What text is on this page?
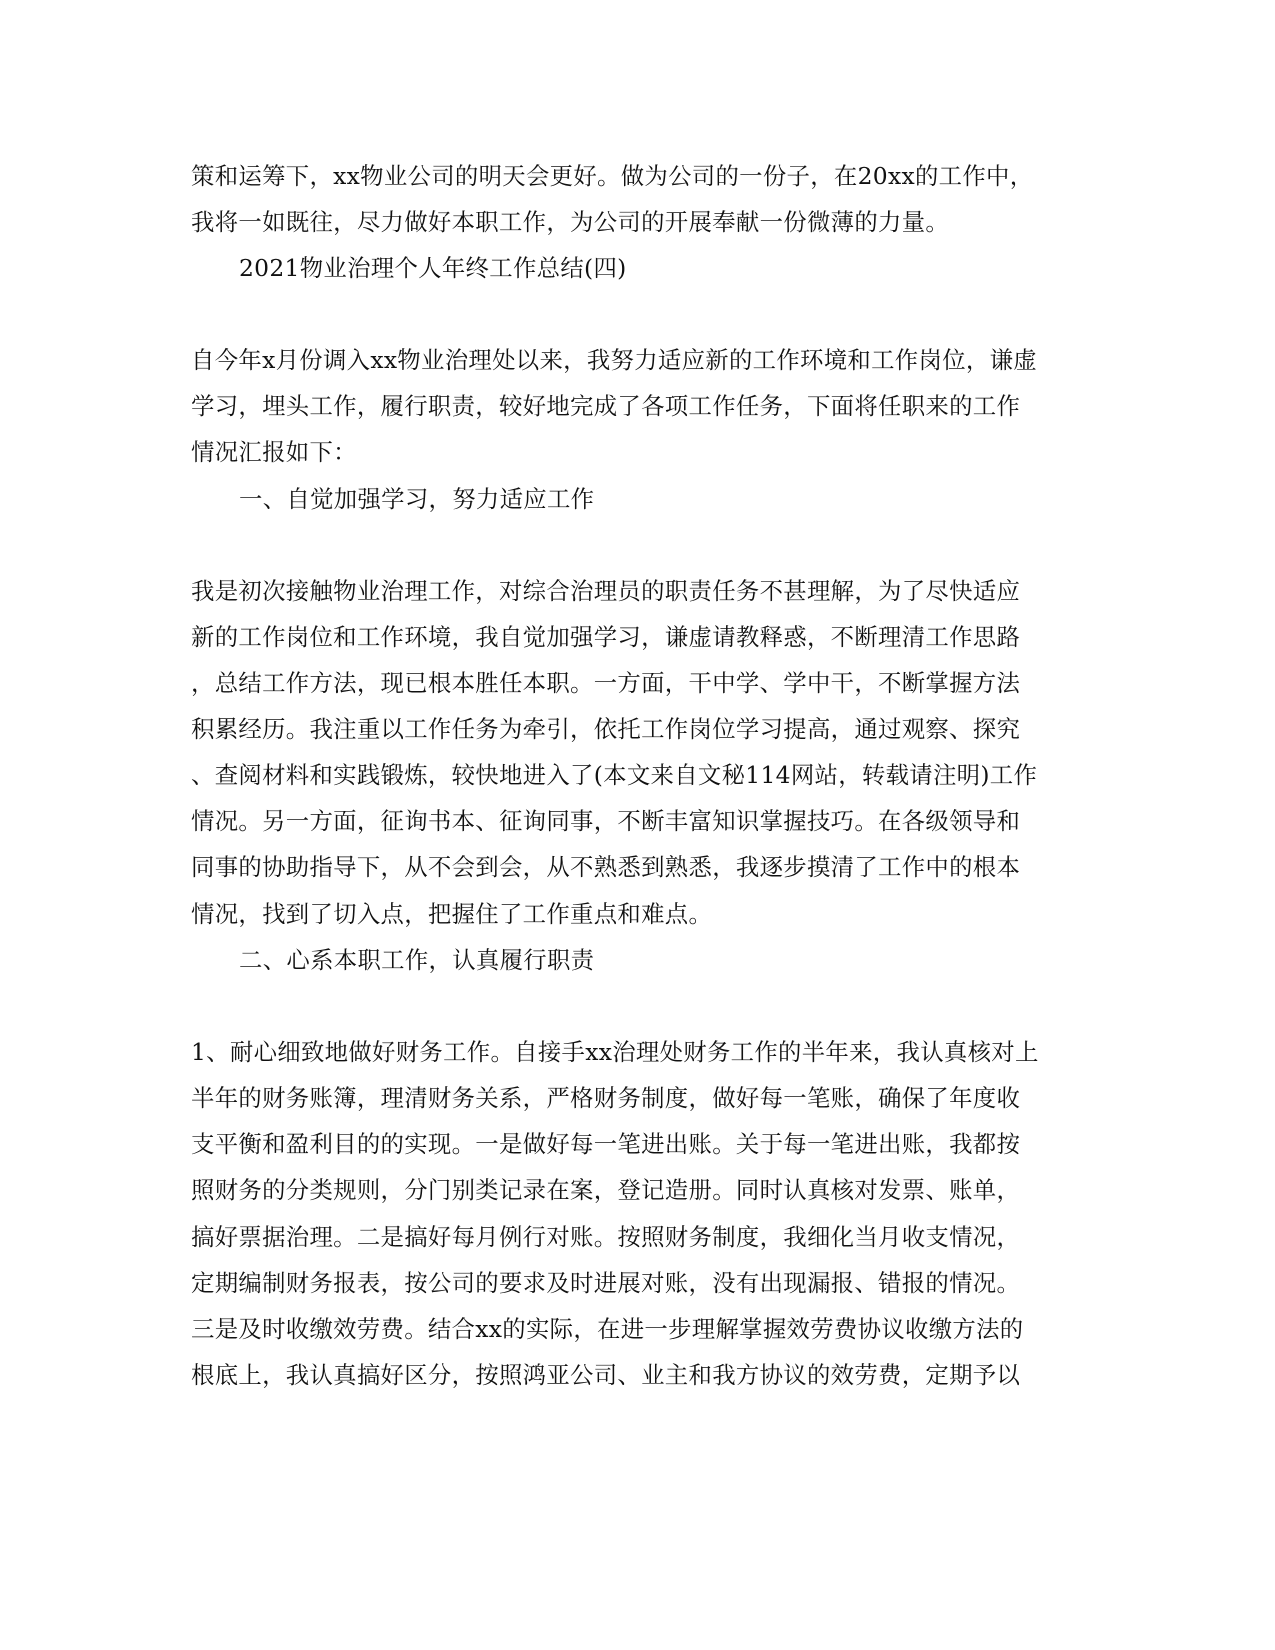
策和运筹下，xx物业公司的明天会更好。做为公司的一份子，在20xx的工作中，
我将一如既往，尽力做好本职工作，为公司的开展奉献一份微薄的力量。
2021物业治理个人年终工作总结(四)
自今年x月份调入xx物业治理处以来，我努力适应新的工作环境和工作岗位，谦虚
学习，埋头工作，履行职责，较好地完成了各项工作任务，下面将任职来的工作
情况汇报如下：
一、自觉加强学习，努力适应工作
我是初次接触物业治理工作，对综合治理员的职责任务不甚理解，为了尽快适应
新的工作岗位和工作环境，我自觉加强学习，谦虚请教释惑，不断理清工作思路
，总结工作方法，现已根本胜任本职。一方面，干中学、学中干，不断掌握方法
积累经历。我注重以工作任务为牵引，依托工作岗位学习提高，通过观察、探究
、查阅材料和实践锻炼，较快地进入了(本文来自文秘114网站，转载请注明)工作
情况。另一方面，征询书本、征询同事，不断丰富知识掌握技巧。在各级领导和
同事的协助指导下，从不会到会，从不熟悉到熟悉，我逐步摸清了工作中的根本
情况，找到了切入点，把握住了工作重点和难点。
二、心系本职工作，认真履行职责
1、耐心细致地做好财务工作。自接手xx治理处财务工作的半年来，我认真核对上
半年的财务账簿，理清财务关系，严格财务制度，做好每一笔账，确保了年度收
支平衡和盈利目的的实现。一是做好每一笔进出账。关于每一笔进出账，我都按
照财务的分类规则，分门别类记录在案，登记造册。同时认真核对发票、账单，
搞好票据治理。二是搞好每月例行对账。按照财务制度，我细化当月收支情况，
定期编制财务报表，按公司的要求及时进展对账，没有出现漏报、错报的情况。
三是及时收缴效劳费。结合xx的实际，在进一步理解掌握效劳费协议收缴方法的
根底上，我认真搞好区分，按照鸿亚公司、业主和我方协议的效劳费，定期予以
